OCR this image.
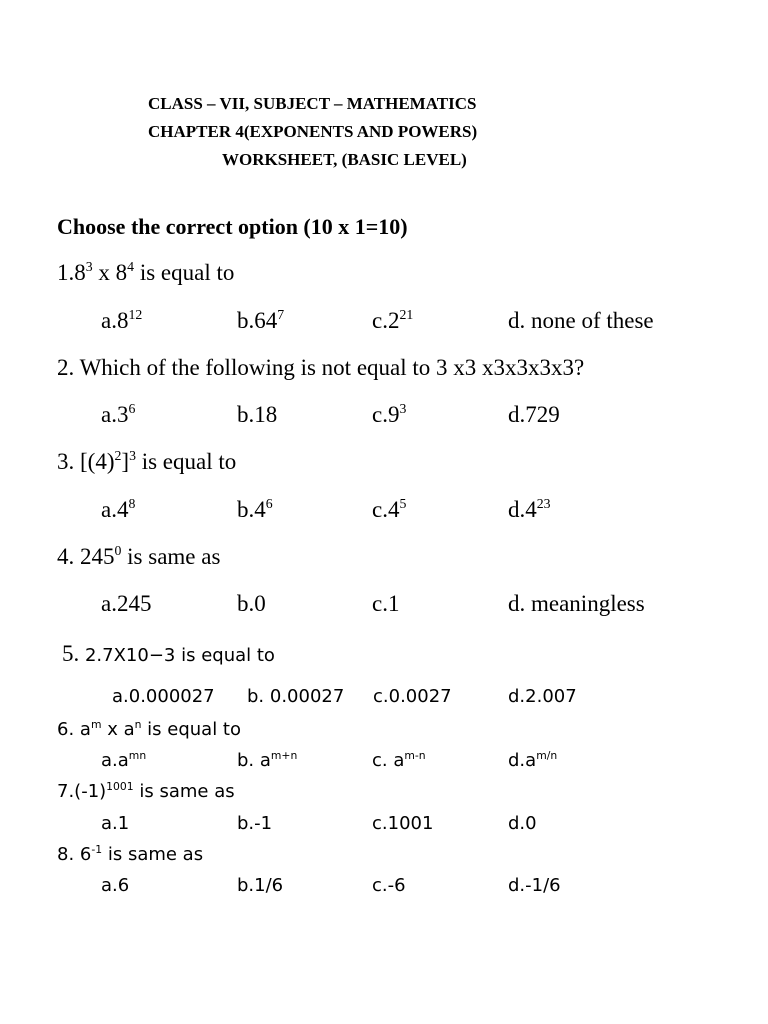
CLASS – VII, SUBJECT – MATHEMATICS
CHAPTER 4(EXPONENTS AND POWERS)
WORKSHEET, (BASIC LEVEL)
Choose the correct option (10 x 1=10)
$1.8^3$ x $8^4$ is equal to
$a.8^{12}$	$b.64^7$	$c.2^{21}$	d. none of these
2. Which of the following is not equal to 3 x3 x3x3x3x3?
$a.3^6$	b.18	$c.9^3$	d.729
3. $[(4)^2]^3$ is equal to
$a.4^8$	$b.4^6$	$c.4^5$	$d.4^{23}$
4. $245^0$ is same as
a.245	b.0	c.1	d. meaningless
5. 2.7X10−3 is equal to
a.0.000027 b. 0.00027 c.0.0027	d.2.007
6. $a^m$ x $a^n$ is equal to
$a.a^{mn}$	b. $a^{m+n}$	c. $a^{m-n}$	$d.a^{m/n}$
$7.(-1)^{1001}$ is same as
a.1	b.-1	c.1001	d.0
8. $6^{-1}$ is same as
a.6	b.1/6	c.-6	d.-1/6
